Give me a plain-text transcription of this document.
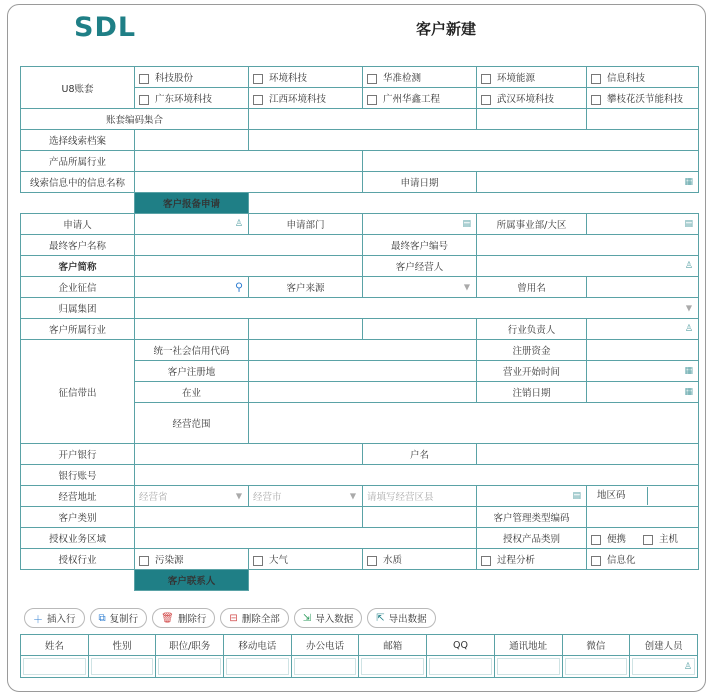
SDL	客户新建
U8账套	科技股份	环境科技	华准检测	环境能源	信息科技
	广东环境科技	江西环境科技	广州华鑫工程	武汉环境科技	攀枝花沃节能科技
账套编码集合					
选择线索档案					
产品所属行业					
线索信息中的信息名称			申请日期	▦	

	客户报备申请				
申请人	♙	申请部门	▤	所属事业部/大区	▤

最终客户名称			最终客户编号		
客户简称			客户经营人	♙	

企业征信	⚲	客户来源	▼	曾用名	
归属集团	▼				

客户所属行业				行业负责人	♙

征信带出	统一社会信用代码			注册资金	
	客户注册地			营业开始时间	▦

	在业			注销日期	▦

	经营范围				

开户银行			户名		
银行账号					
经营地址	经营省 ▼	经营市 ▼	请填写经营区县	▤	地区码

客户类别				客户管理类型编码	
授权业务区域				授权产品类别	便携 主机
授权行业	污染源	大气	水质	过程分析	信息化
	客户联系人				
＋ 插入行 ⧉ 复制行 🗑 删除行 ⊟ 删除全部 ⇲ 导入数据 ⇱ 导出数据
姓名	性别	职位/职务	移动电话	办公电话	邮箱	QQ	通讯地址	微信	创建人员

									♙
